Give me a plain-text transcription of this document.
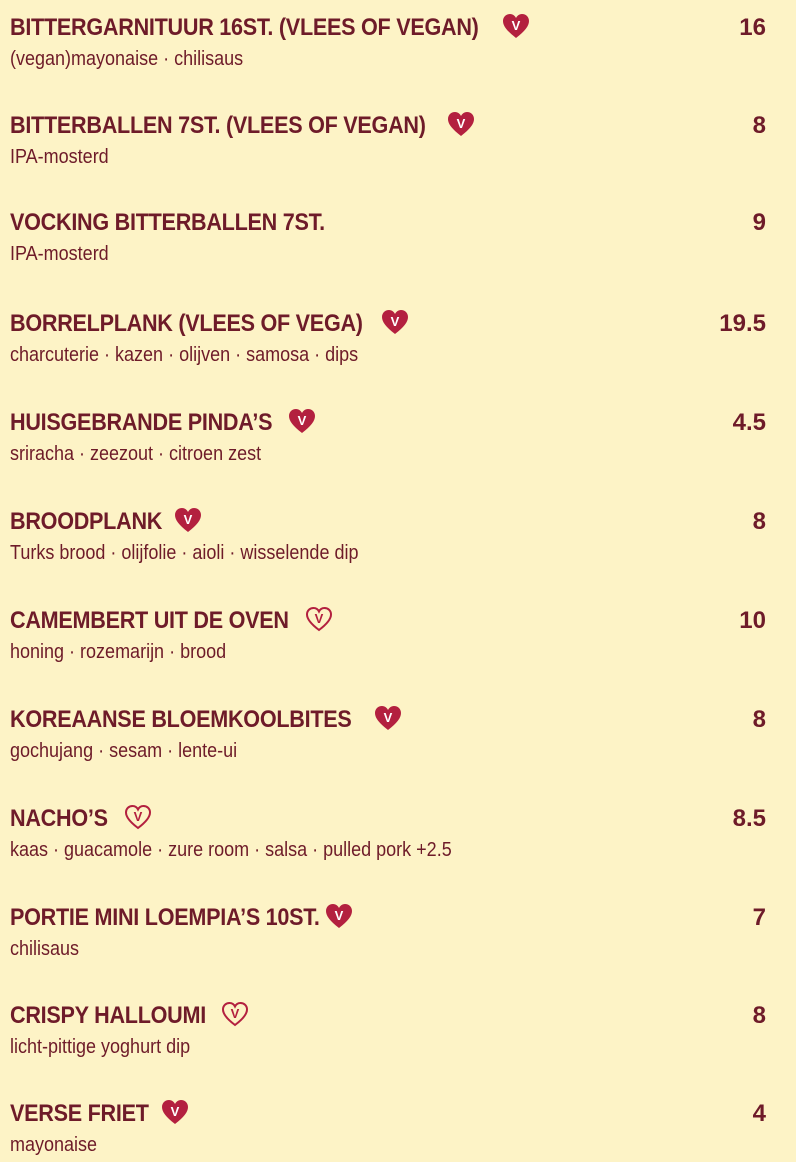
BITTERGARNITUUR 16ST. (VLEES OF VEGAN)	V	16
(vegan)mayonaise · chilisaus
BITTERBALLEN 7ST. (VLEES OF VEGAN) V	8
IPA-mosterd
VOCKING BITTERBALLEN 7ST.	9
IPA-mosterd
BORRELPLANK (VLEES OF VEGA) V	19.5
charcuterie · kazen · olijven · samosa · dips
HUISGEBRANDE PINDA’S V	4.5
sriracha · zeezout · citroen zest
BROODPLANK V	8
Turks brood · olijfolie · aioli · wisselende dip
CAMEMBERT UIT DE OVEN V	10
honing · rozemarijn · brood
KOREAANSE BLOEMKOOLBITES	V	8
gochujang · sesam · lente-ui
NACHO’S V	8.5
kaas · guacamole · zure room · salsa · pulled pork +2.5
PORTIE MINI LOEMPIA’S 10ST. V	7
chilisaus
CRISPY HALLOUMI V	8
licht-pittige yoghurt dip
VERSE FRIET V	4
mayonaise
